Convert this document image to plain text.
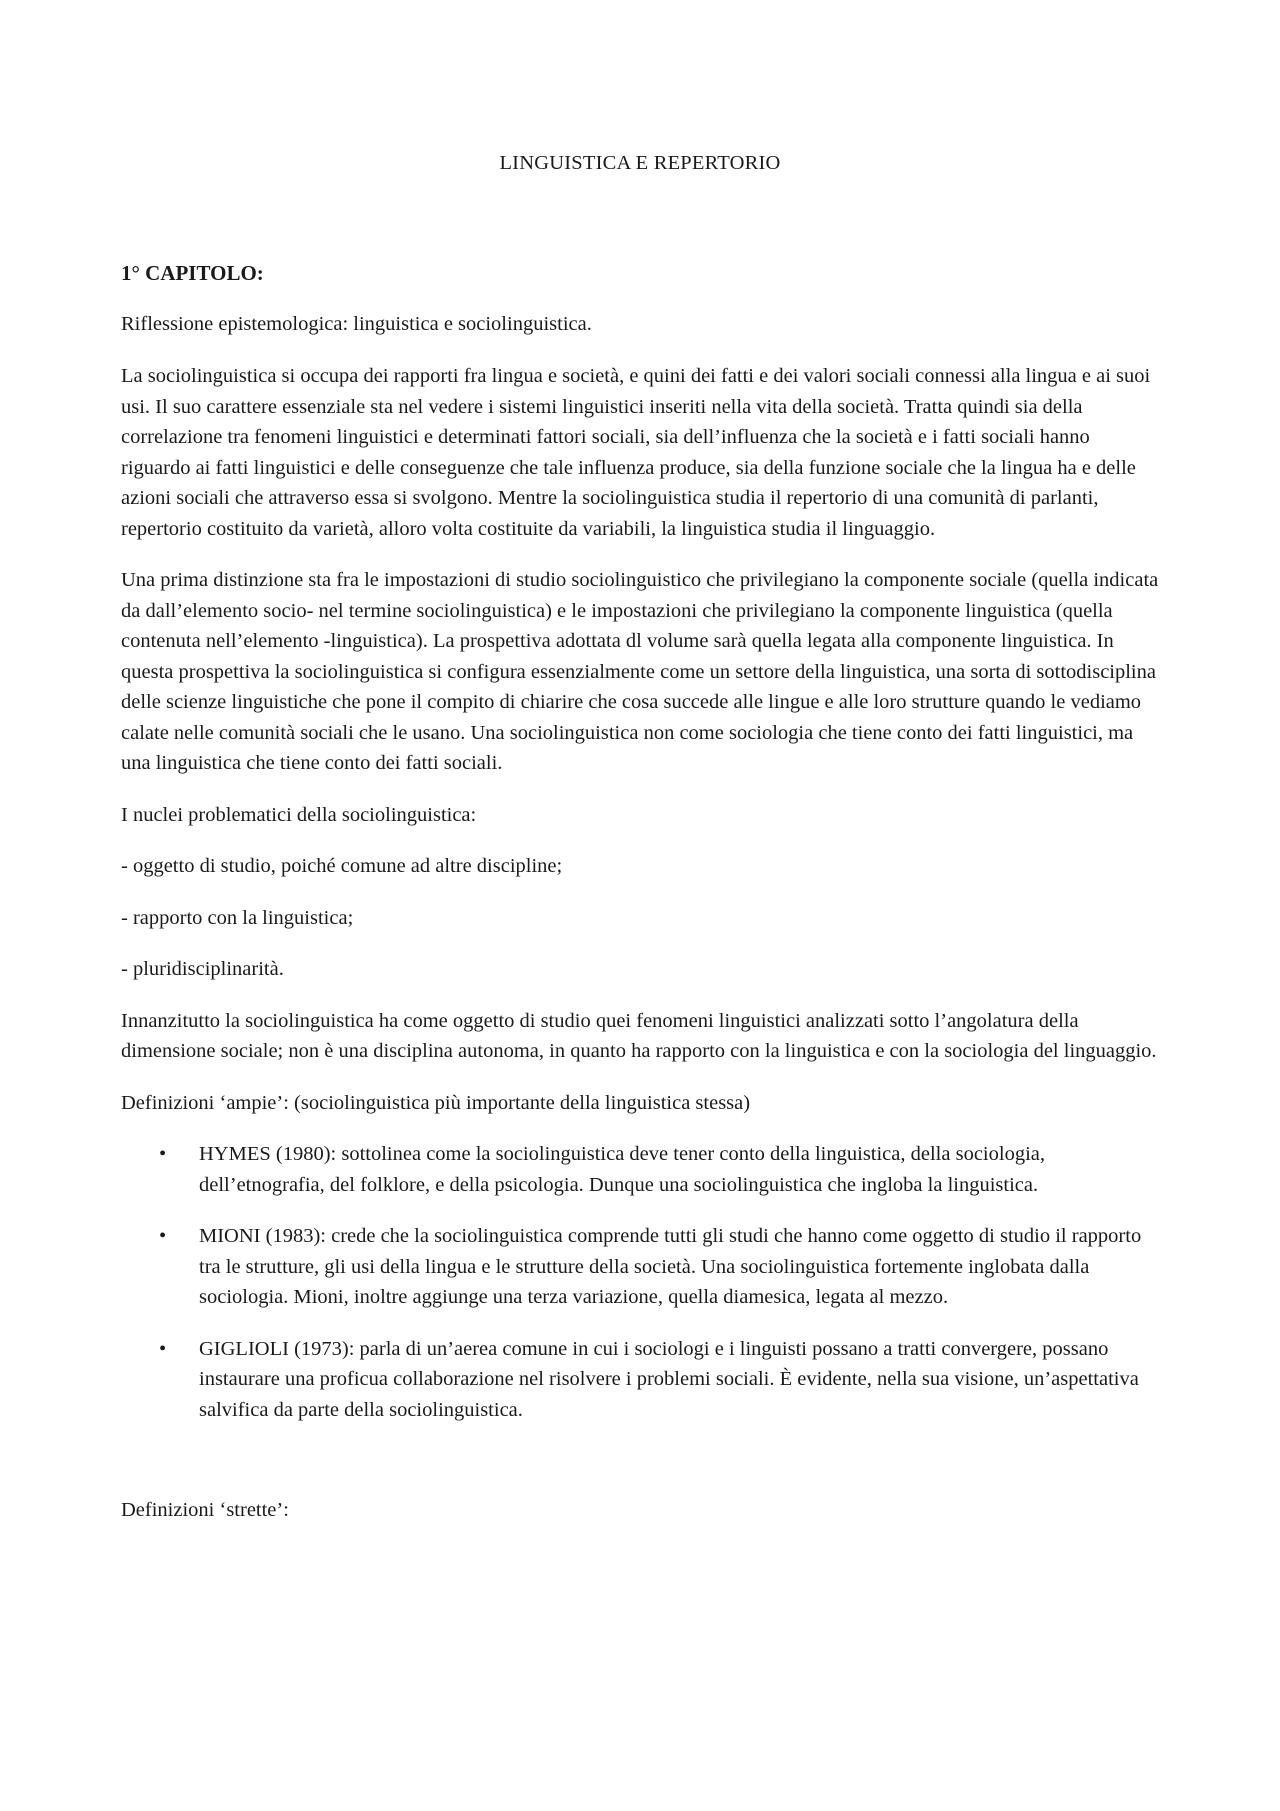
LINGUISTICA E REPERTORIO
1° CAPITOLO:

Riflessione epistemologica: linguistica e sociolinguistica.

La sociolinguistica si occupa dei rapporti fra lingua e società, e quini dei fatti e dei valori sociali connessi alla lingua e ai suoi usi. Il suo carattere essenziale sta nel vedere i sistemi linguistici inseriti nella vita della società. Tratta quindi sia della correlazione tra fenomeni linguistici e determinati fattori sociali, sia dell’influenza che la società e i fatti sociali hanno riguardo ai fatti linguistici e delle conseguenze che tale influenza produce, sia della funzione sociale che la lingua ha e delle azioni sociali che attraverso essa si svolgono. Mentre la sociolinguistica studia il repertorio di una comunità di parlanti, repertorio costituito da varietà, alloro volta costituite da variabili, la linguistica studia il linguaggio.

Una prima distinzione sta fra le impostazioni di studio sociolinguistico che privilegiano la componente sociale (quella indicata da dall’elemento socio- nel termine sociolinguistica) e le impostazioni che privilegiano la componente linguistica (quella contenuta nell’elemento -linguistica). La prospettiva adottata dl volume sarà quella legata alla componente linguistica. In questa prospettiva la sociolinguistica si configura essenzialmente come un settore della linguistica, una sorta di sottodisciplina delle scienze linguistiche che pone il compito di chiarire che cosa succede alle lingue e alle loro strutture quando le vediamo calate nelle comunità sociali che le usano. Una sociolinguistica non come sociologia che tiene conto dei fatti linguistici, ma una linguistica che tiene conto dei fatti sociali.

I nuclei problematici della sociolinguistica:

- oggetto di studio, poiché comune ad altre discipline;

- rapporto con la linguistica;

- pluridisciplinarità.

Innanzitutto la sociolinguistica ha come oggetto di studio quei fenomeni linguistici analizzati sotto l’angolatura della dimensione sociale; non è una disciplina autonoma, in quanto ha rapporto con la linguistica e con la sociologia del linguaggio.

Definizioni ‘ampie’: (sociolinguistica più importante della linguistica stessa)

• HYMES (1980): sottolinea come la sociolinguistica deve tener conto della linguistica, della sociologia, dell’etnografia, del folklore, e della psicologia. Dunque una sociolinguistica che ingloba la linguistica.
• MIONI (1983): crede che la sociolinguistica comprende tutti gli studi che hanno come oggetto di studio il rapporto tra le strutture, gli usi della lingua e le strutture della società. Una sociolinguistica fortemente inglobata dalla sociologia. Mioni, inoltre aggiunge una terza variazione, quella diamesica, legata al mezzo.
• GIGLIOLI (1973): parla di un’aerea comune in cui i sociologi e i linguisti possano a tratti convergere, possano instaurare una proficua collaborazione nel risolvere i problemi sociali. È evidente, nella sua visione, un’aspettativa salvifica da parte della sociolinguistica.

Definizioni ‘strette’:
